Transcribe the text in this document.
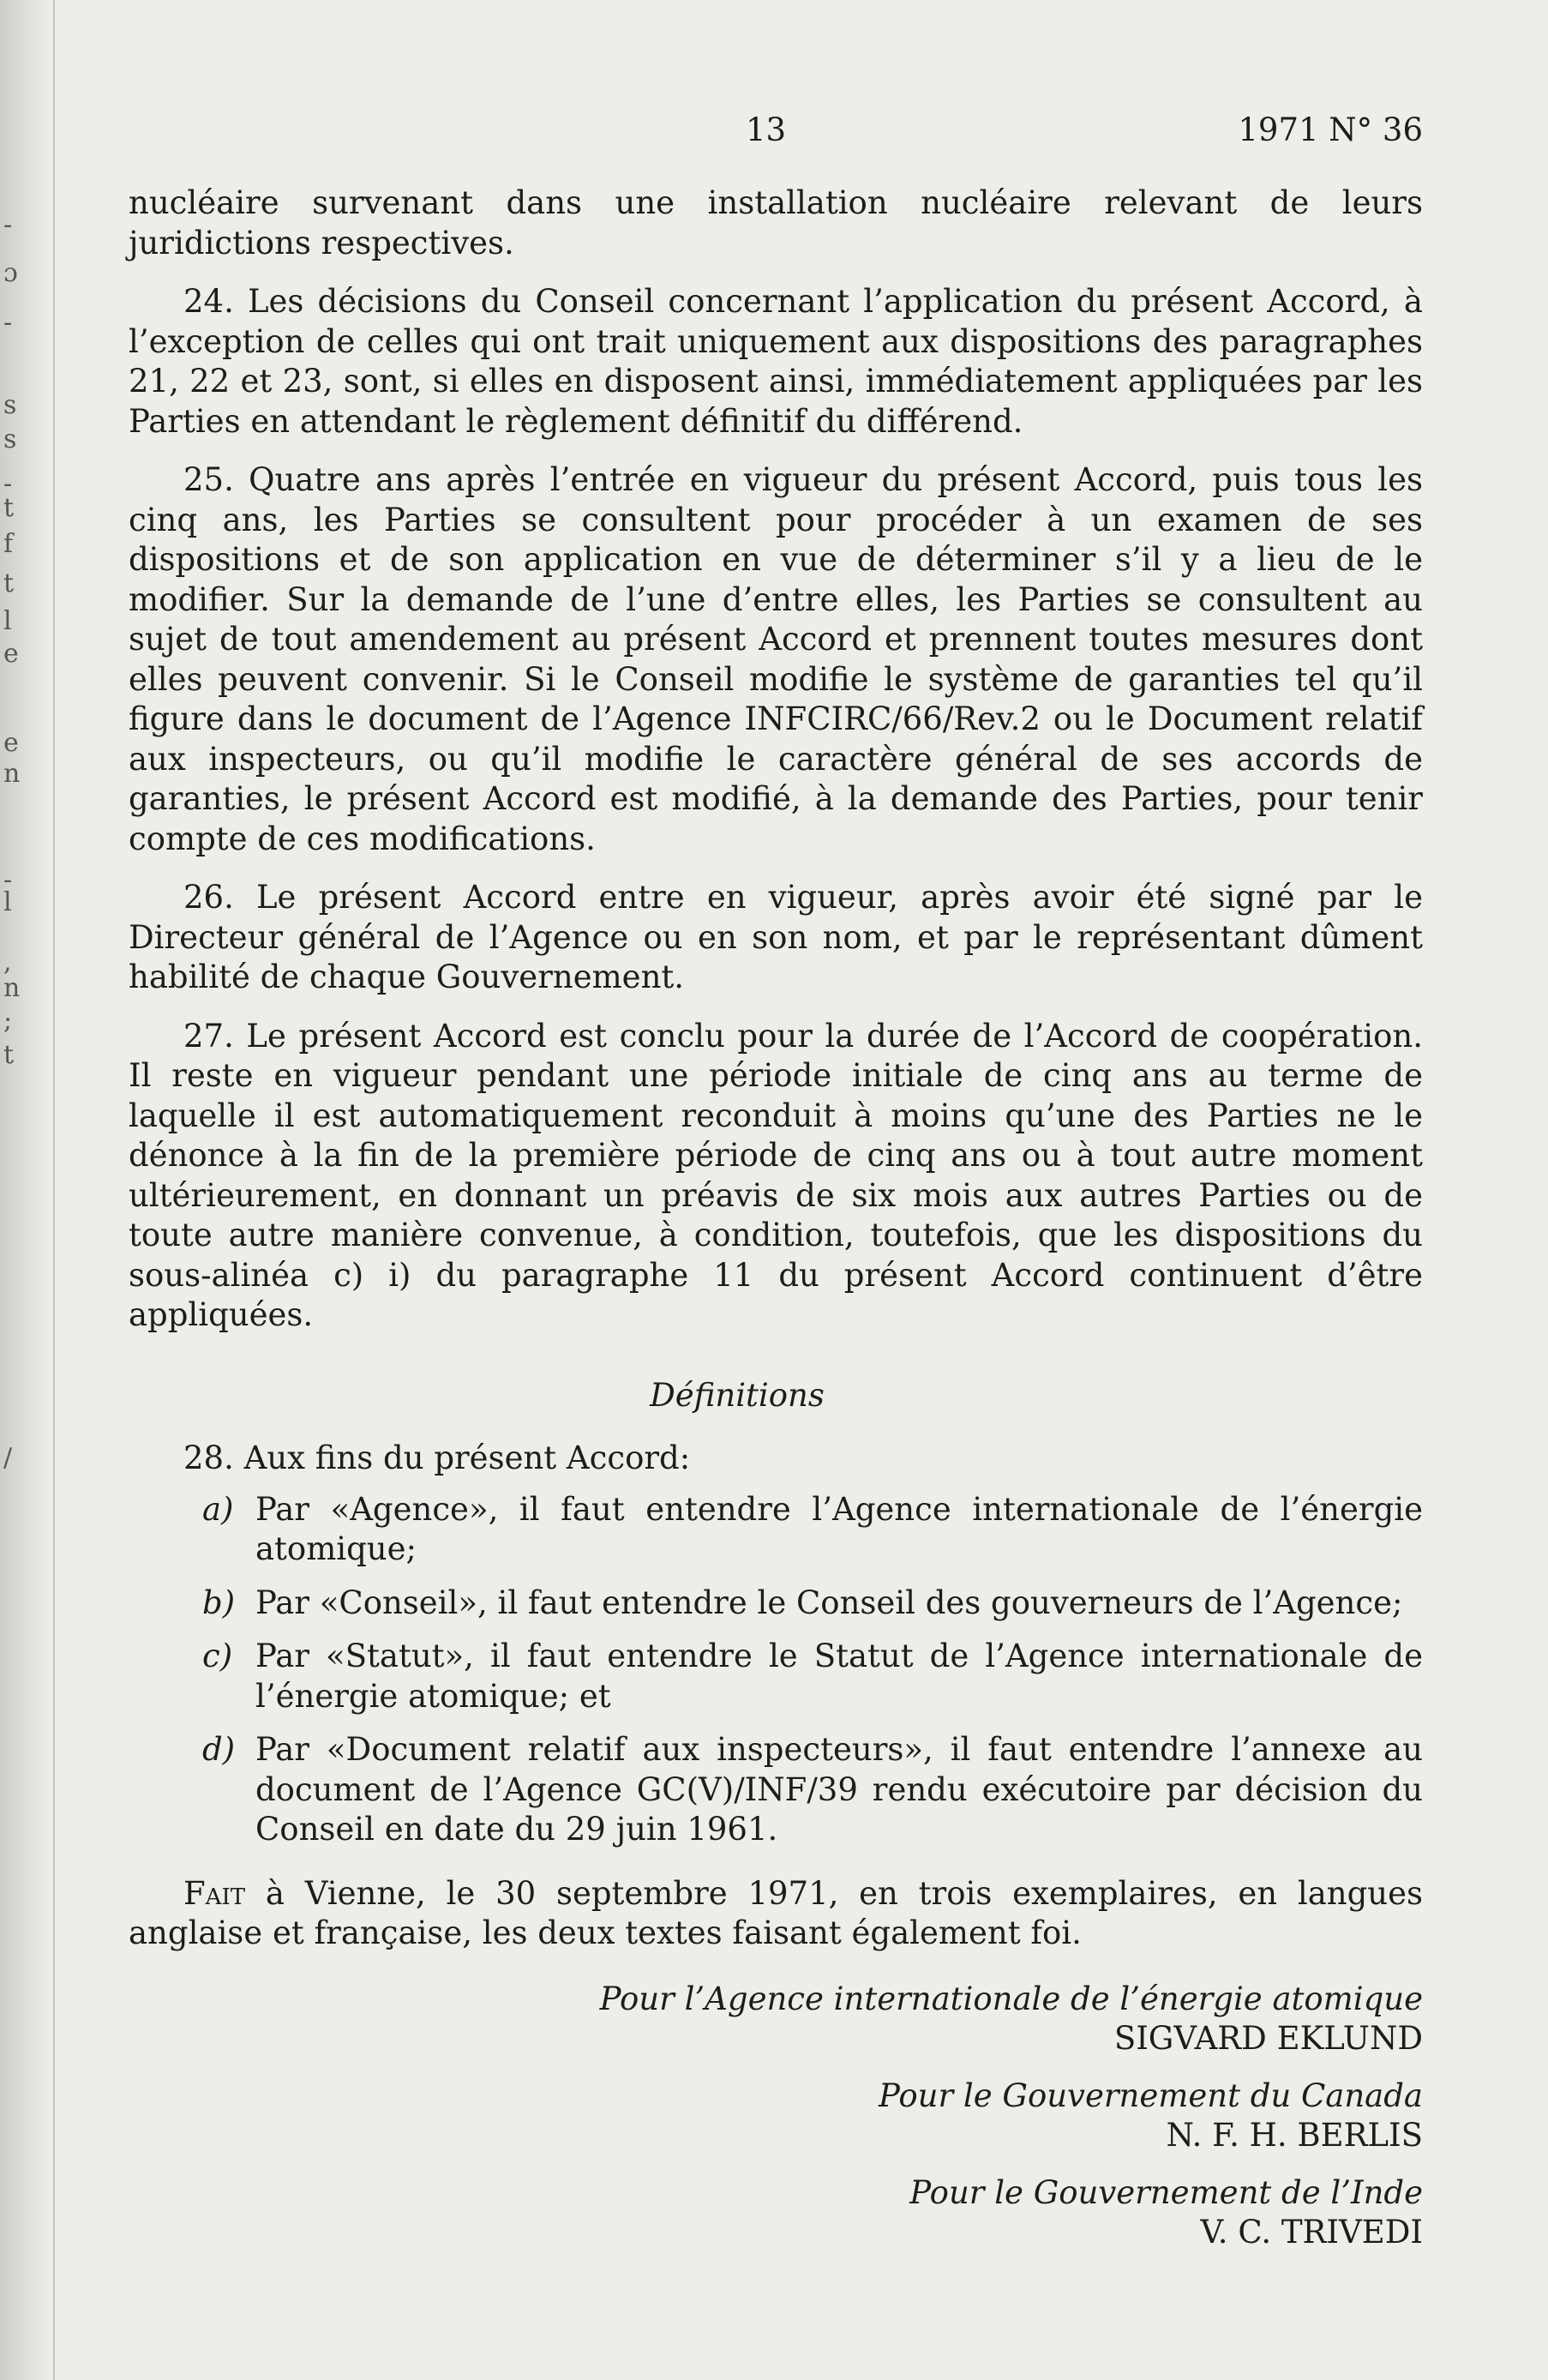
-
ɔ
-
s
s
-
t
f
t
l
e
e
n
-
l
,
n
;
t
/
13	1971 N° 36

nucléaire survenant dans une installation nucléaire relevant de leurs juridictions respectives.

24. Les décisions du Conseil concernant l’application du présent Accord, à l’exception de celles qui ont trait uniquement aux dispositions des paragraphes 21, 22 et 23, sont, si elles en disposent ainsi, immédiatement appliquées par les Parties en attendant le règlement définitif du différend.

25. Quatre ans après l’entrée en vigueur du présent Accord, puis tous les cinq ans, les Parties se consultent pour procéder à un examen de ses dispositions et de son application en vue de déterminer s’il y a lieu de le modifier. Sur la demande de l’une d’entre elles, les Parties se consultent au sujet de tout amendement au présent Accord et prennent toutes mesures dont elles peuvent convenir. Si le Conseil modifie le système de garanties tel qu’il figure dans le document de l’Agence INFCIRC/66/Rev.2 ou le Document relatif aux inspecteurs, ou qu’il modifie le caractère général de ses accords de garanties, le présent Accord est modifié, à la demande des Parties, pour tenir compte de ces modifications.

26. Le présent Accord entre en vigueur, après avoir été signé par le Directeur général de l’Agence ou en son nom, et par le représentant dûment habilité de chaque Gouvernement.

27. Le présent Accord est conclu pour la durée de l’Accord de coopération. Il reste en vigueur pendant une période initiale de cinq ans au terme de laquelle il est automatiquement reconduit à moins qu’une des Parties ne le dénonce à la fin de la première période de cinq ans ou à tout autre moment ultérieurement, en donnant un préavis de six mois aux autres Parties ou de toute autre manière convenue, à condition, toutefois, que les dispositions du sous-alinéa c) i) du paragraphe 11 du présent Accord continuent d’être appliquées.

Définitions
28. Aux fins du présent Accord:
a) Par «Agence», il faut entendre l’Agence internationale de l’énergie atomique;
b) Par «Conseil», il faut entendre le Conseil des gouverneurs de l’Agence;
c) Par «Statut», il faut entendre le Statut de l’Agence internationale de l’énergie atomique; et
d) Par «Document relatif aux inspecteurs», il faut entendre l’annexe au document de l’Agence GC(V)/INF/39 rendu exécutoire par décision du Conseil en date du 29 juin 1961.
Fait à Vienne, le 30 septembre 1971, en trois exemplaires, en langues anglaise et française, les deux textes faisant également foi.
Pour l’Agence internationale de l’énergie atomique
SIGVARD EKLUND
Pour le Gouvernement du Canada
N. F. H. BERLIS
Pour le Gouvernement de l’Inde
V. C. TRIVEDI
